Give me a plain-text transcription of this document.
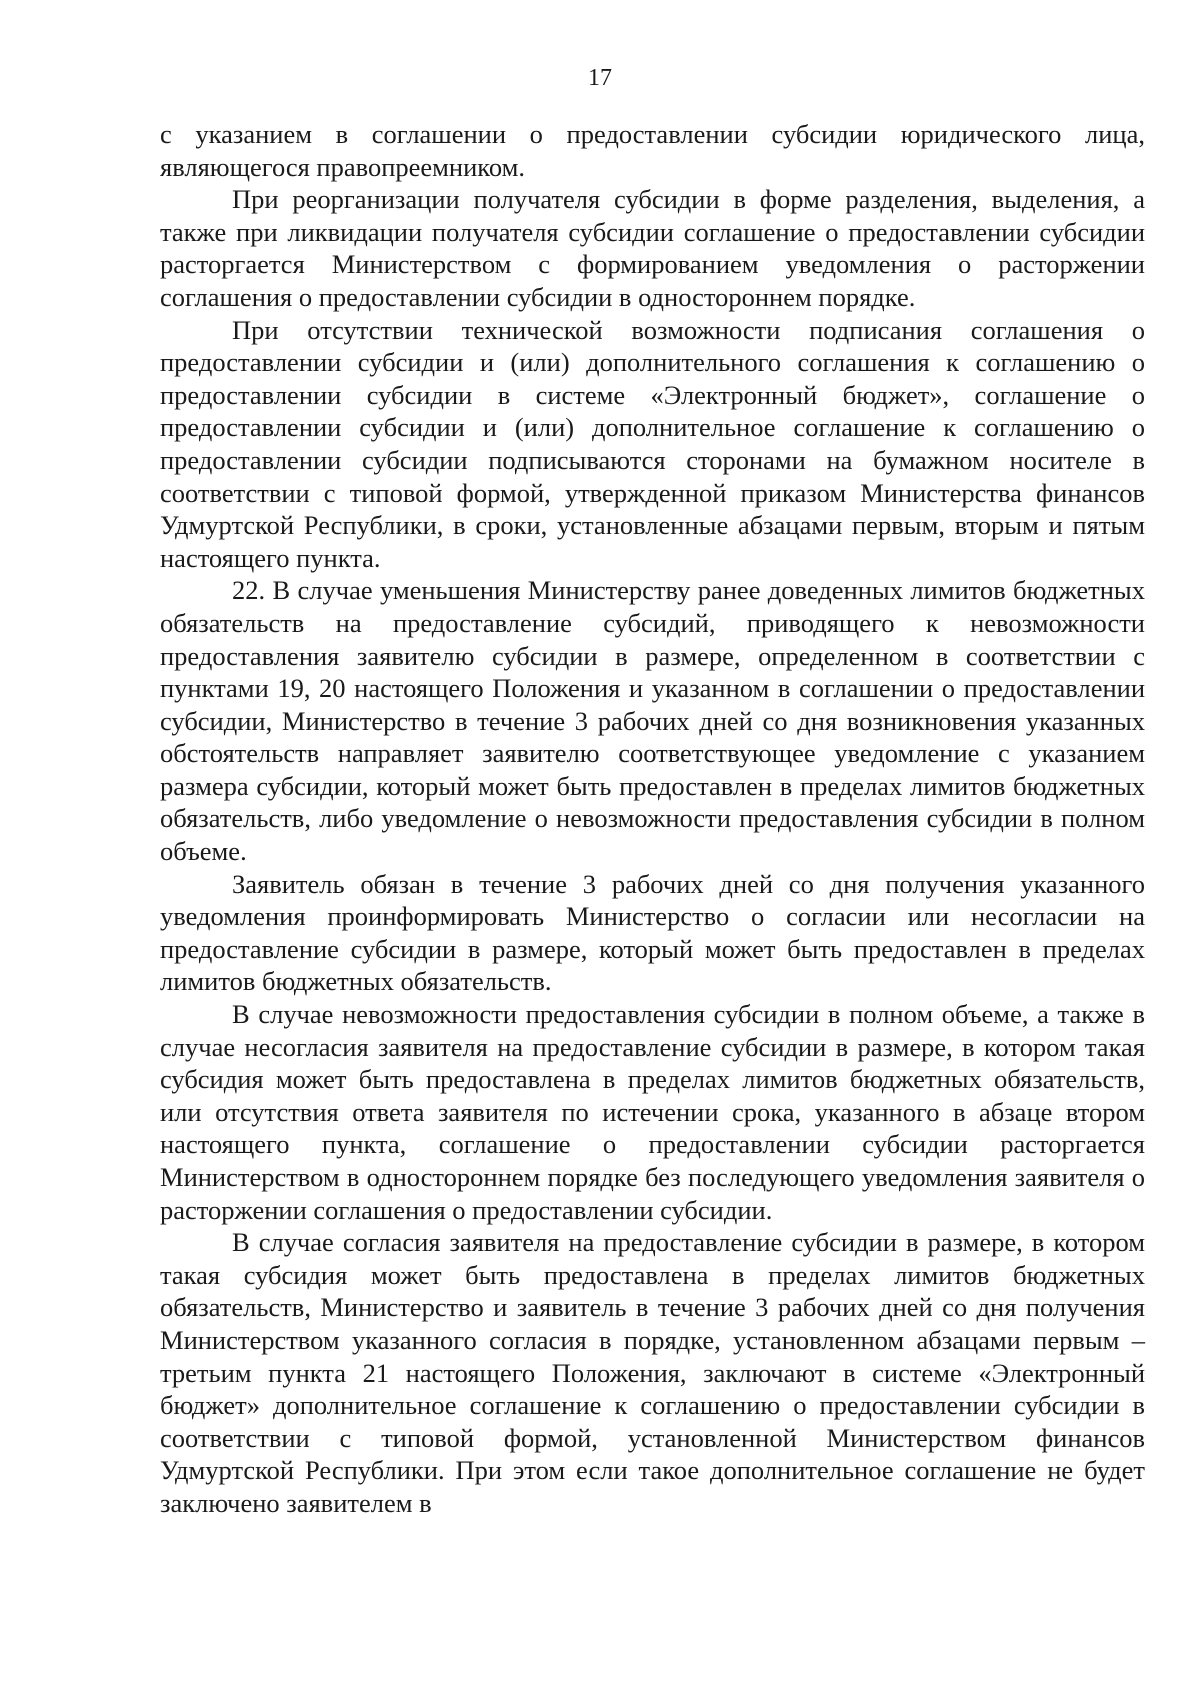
17

с указанием в соглашении о предоставлении субсидии юридического лица, являющегося правопреемником.

При реорганизации получателя субсидии в форме разделения, выделения, а также при ликвидации получателя субсидии соглашение о предоставлении субсидии расторгается Министерством с формированием уведомления о расторжении соглашения о предоставлении субсидии в одностороннем порядке.

При отсутствии технической возможности подписания соглашения о предоставлении субсидии и (или) дополнительного соглашения к соглашению о предоставлении субсидии в системе «Электронный бюджет», соглашение о предоставлении субсидии и (или) дополнительное соглашение к соглашению о предоставлении субсидии подписываются сторонами на бумажном носителе в соответствии с типовой формой, утвержденной приказом Министерства финансов Удмуртской Республики, в сроки, установленные абзацами первым, вторым и пятым настоящего пункта.

22. В случае уменьшения Министерству ранее доведенных лимитов бюджетных обязательств на предоставление субсидий, приводящего к невозможности предоставления заявителю субсидии в размере, определенном в соответствии с пунктами 19, 20 настоящего Положения и указанном в соглашении о предоставлении субсидии, Министерство в течение 3 рабочих дней со дня возникновения указанных обстоятельств направляет заявителю соответствующее уведомление с указанием размера субсидии, который может быть предоставлен в пределах лимитов бюджетных обязательств, либо уведомление о невозможности предоставления субсидии в полном объеме.

Заявитель обязан в течение 3 рабочих дней со дня получения указанного уведомления проинформировать Министерство о согласии или несогласии на предоставление субсидии в размере, который может быть предоставлен в пределах лимитов бюджетных обязательств.

В случае невозможности предоставления субсидии в полном объеме, а также в случае несогласия заявителя на предоставление субсидии в размере, в котором такая субсидия может быть предоставлена в пределах лимитов бюджетных обязательств, или отсутствия ответа заявителя по истечении срока, указанного в абзаце втором настоящего пункта, соглашение о предоставлении субсидии расторгается Министерством в одностороннем порядке без последующего уведомления заявителя о расторжении соглашения о предоставлении субсидии.

В случае согласия заявителя на предоставление субсидии в размере, в котором такая субсидия может быть предоставлена в пределах лимитов бюджетных обязательств, Министерство и заявитель в течение 3 рабочих дней со дня получения Министерством указанного согласия в порядке, установленном абзацами первым – третьим пункта 21 настоящего Положения, заключают в системе «Электронный бюджет» дополнительное соглашение к соглашению о предоставлении субсидии в соответствии с типовой формой, установленной Министерством финансов Удмуртской Республики. При этом если такое дополнительное соглашение не будет заключено заявителем в
